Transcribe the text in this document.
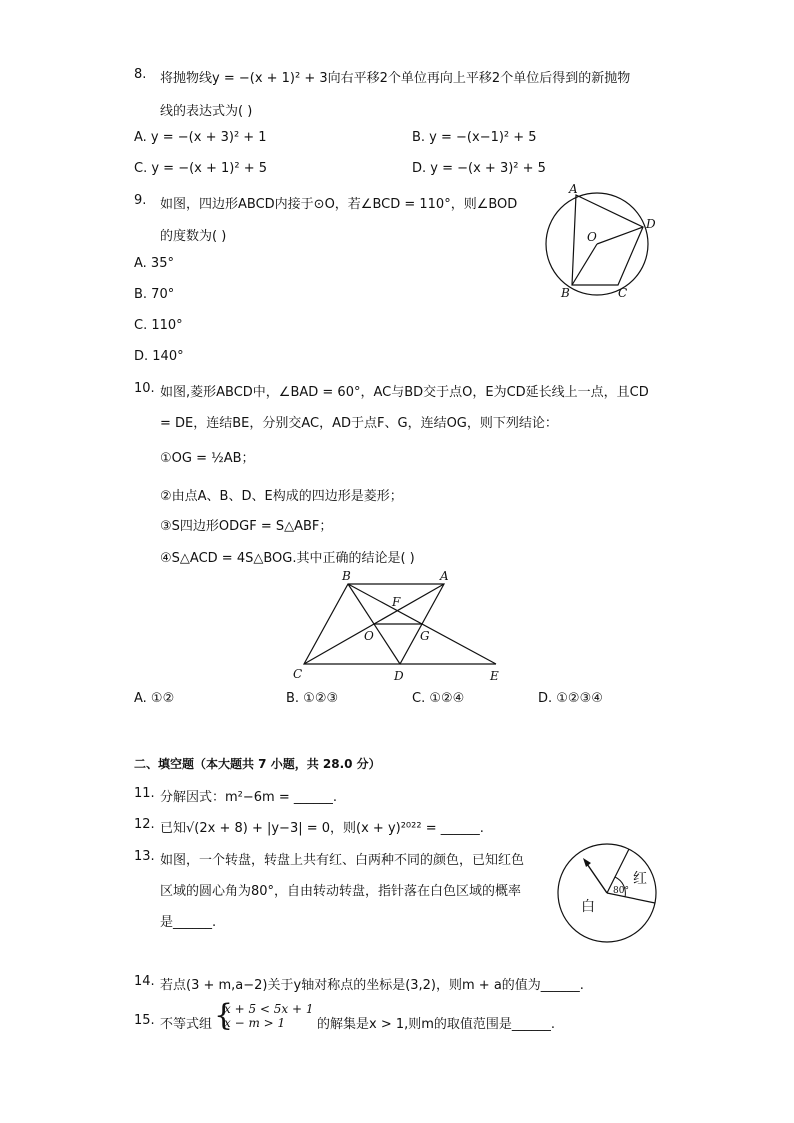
8. 将抛物线y = −(x + 1)² + 3向右平移2个单位再向上平移2个单位后得到的新抛物
线的表达式为( )
A. y = −(x + 3)² + 1	B. y = −(x−1)² + 5
C. y = −(x + 1)² + 5	D. y = −(x + 3)² + 5
9. 如图，四边形ABCD内接于⊙O，若∠BCD = 110°，则∠BOD
的度数为( )
A. 35°
B. 70°
C. 110°
D. 140°
A
D
O
B	C
10. 如图,菱形ABCD中，∠BAD = 60°，AC与BD交于点O，E为CD延长线上一点，且CD
= DE，连结BE，分别交AC，AD于点F、G，连结OG，则下列结论：
①OG = ½AB；
②由点A、B、D、E构成的四边形是菱形；
③S四边形ODGF = S△ABF；
④S△ACD = 4S△BOG.其中正确的结论是( )
B	A
F
O	G
C	D	E
A. ①②	B. ①②③	C. ①②④	D. ①②③④
二、填空题（本大题共 7 小题，共 28.0 分）
11. 分解因式：m²−6m = ______.
12. 已知√(2x + 8) + |y−3| = 0，则(x + y)²⁰²² = ______.
13. 如图，一个转盘，转盘上共有红、白两种不同的颜色，已知红色
区域的圆心角为80°，自由转动转盘，指针落在白色区域的概率
是______.
红
80°
白
14. 若点(3 + m,a−2)关于y轴对称点的坐标是(3,2)，则m + a的值为______.
15. 不等式组 {
x + 5 < 5x + 1
x − m > 1 的解集是x > 1,则m的取值范围是______.
